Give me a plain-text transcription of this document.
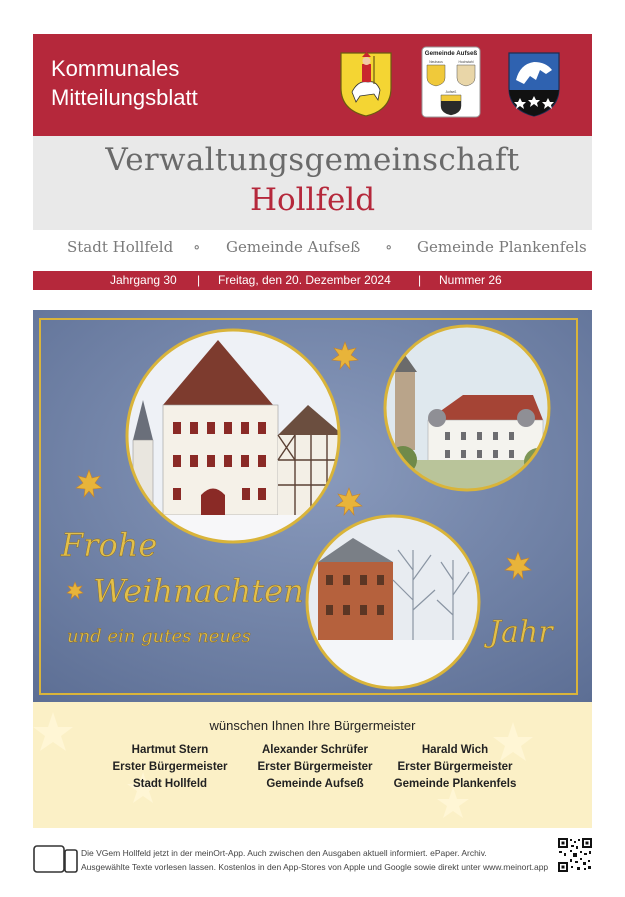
Kommunales
Mitteilungsblatt
Gemeinde Aufseß
Neuhaus	Hochstahl
Aufseß
Verwaltungsgemeinschaft
Hollfeld
Stadt Hollfeld ∘ Gemeinde Aufseß ∘ Gemeinde Plankenfels
Jahrgang 30 | Freitag, den 20. Dezember 2024 | Nummer 26
Frohe
Weihnachten
und ein gutes neues	Jahr
wünschen Ihnen Ihre Bürgermeister
Hartmut Stern
Erster Bürgermeister
Stadt Hollfeld
Alexander Schrüfer
Erster Bürgermeister
Gemeinde Aufseß
Harald Wich
Erster Bürgermeister
Gemeinde Plankenfels
Die VGem Hollfeld jetzt in der meinOrt-App. Auch zwischen den Ausgaben aktuell informiert. ePaper. Archiv.
Ausgewählte Texte vorlesen lassen. Kostenlos in den App-Stores von Apple und Google sowie direkt unter www.meinort.app
